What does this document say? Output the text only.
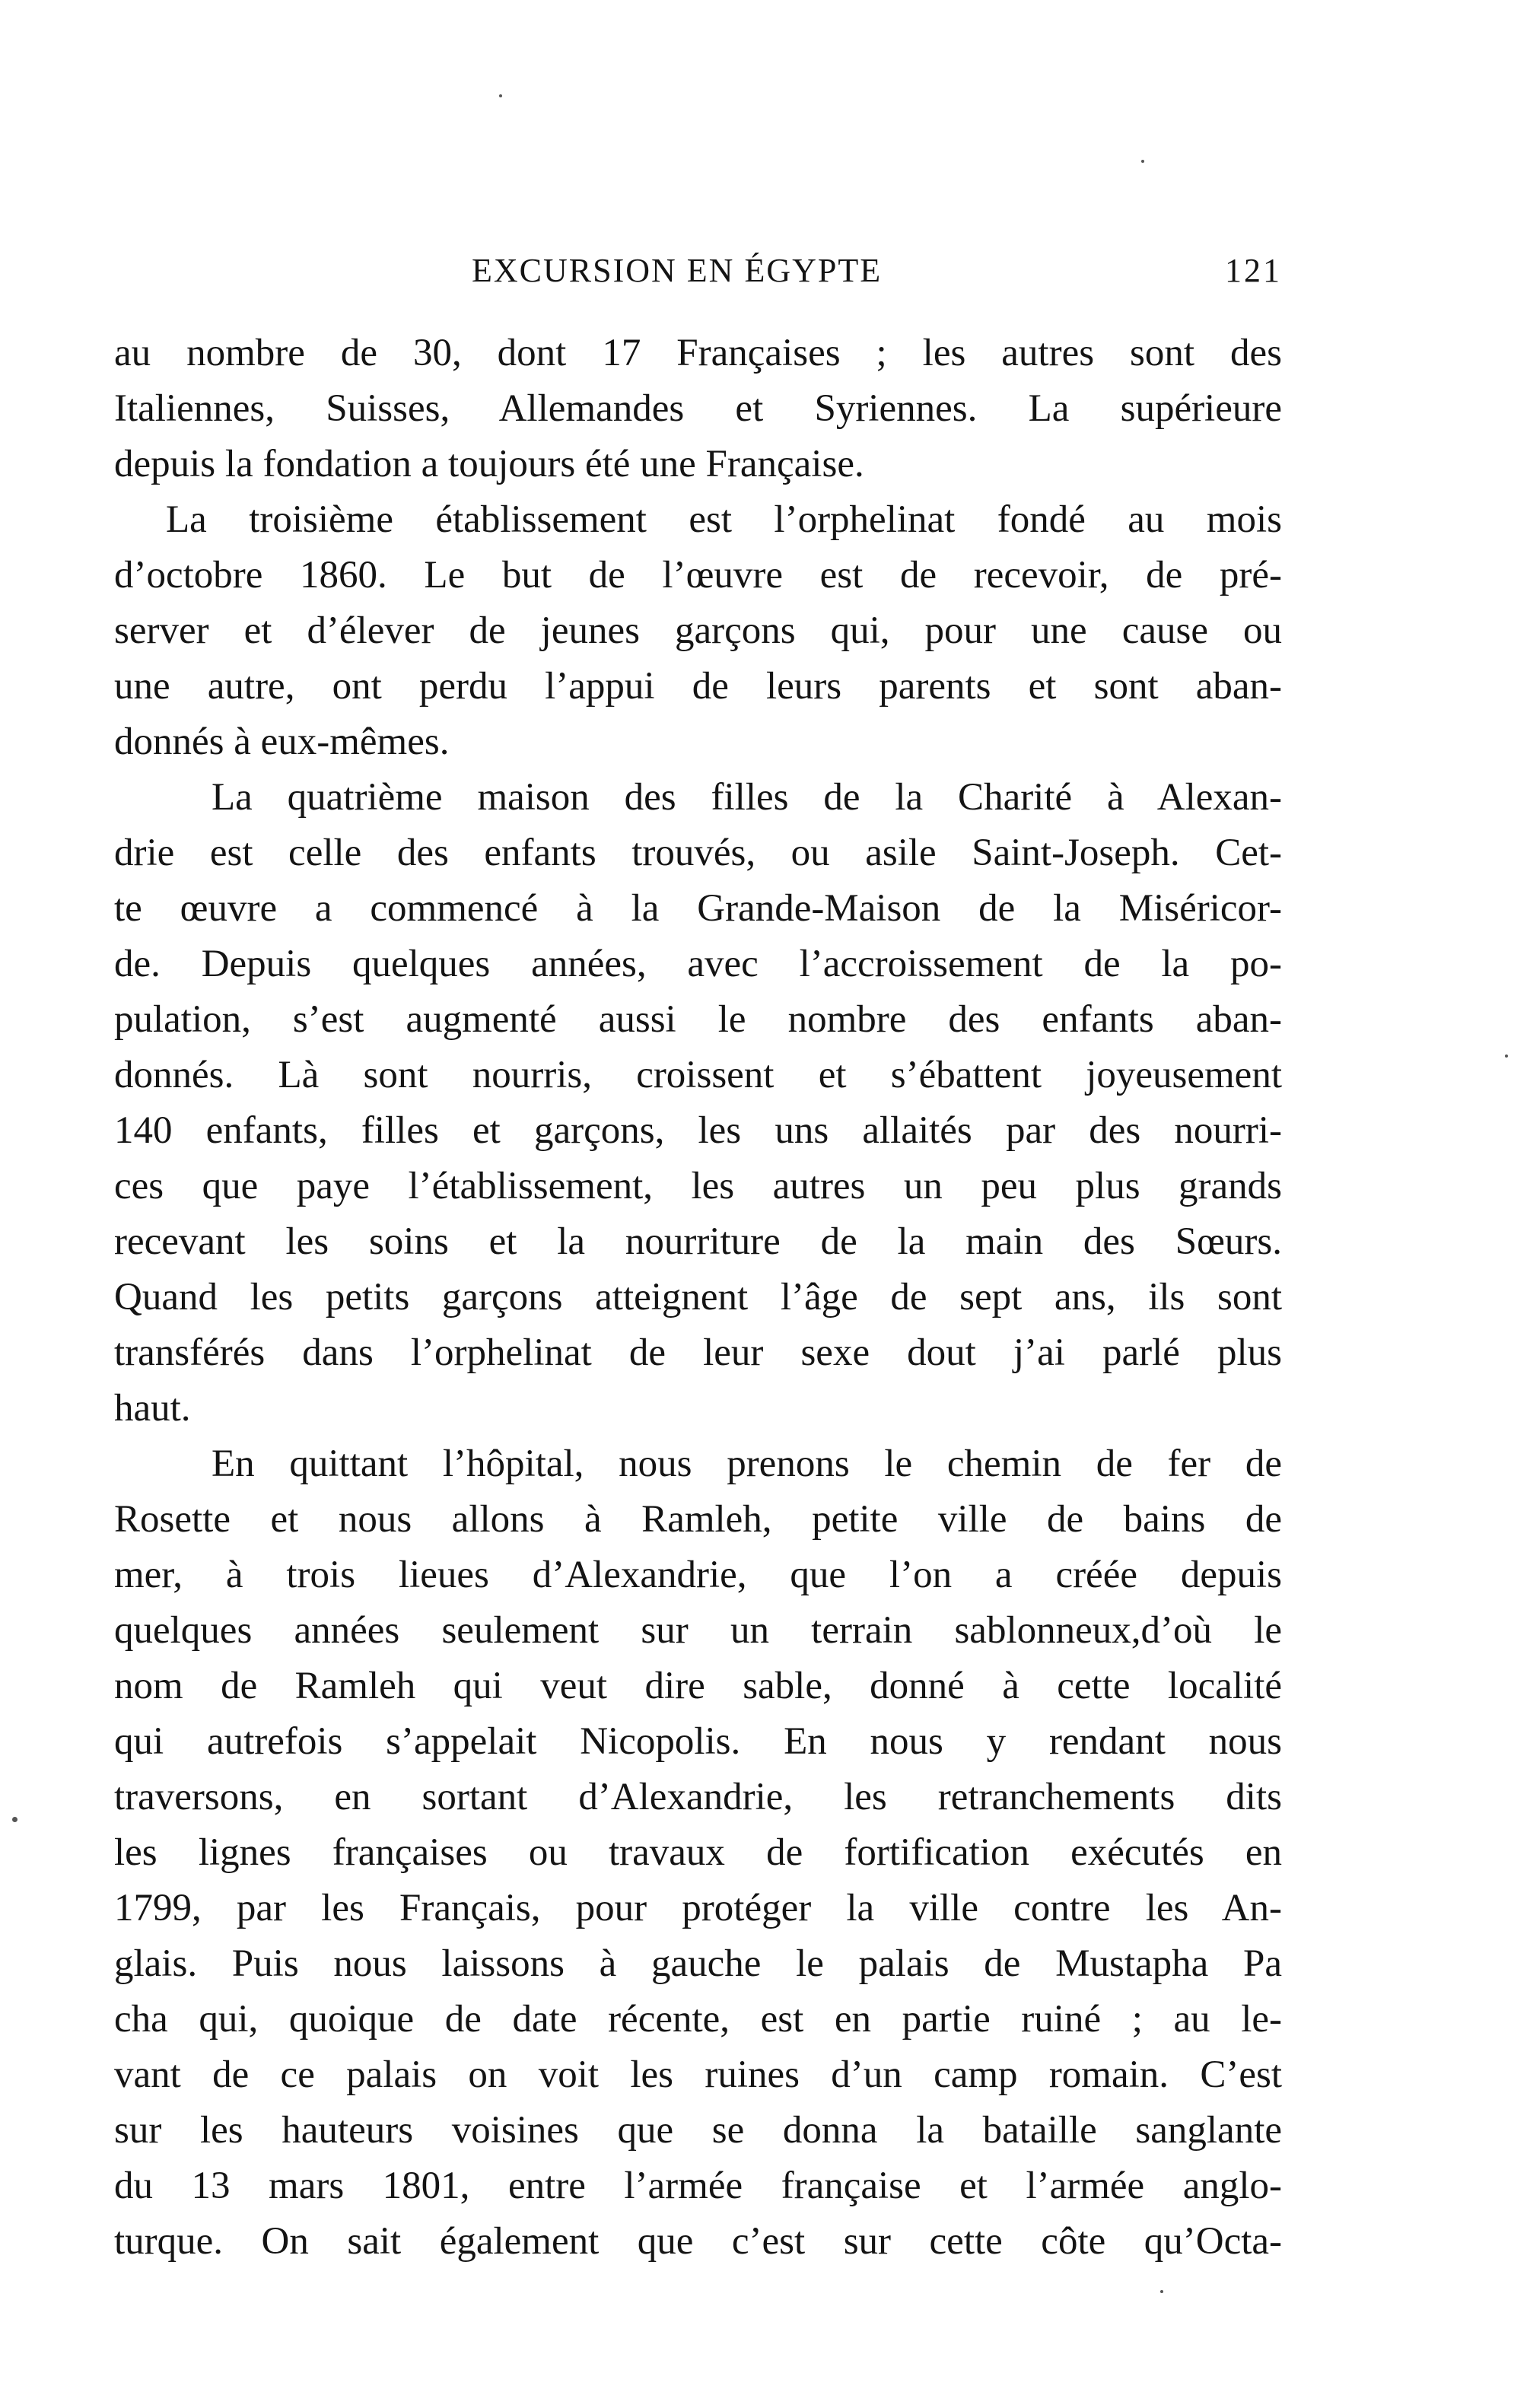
EXCURSION EN ÉGYPTE	121
au nombre de 30, dont 17 Françaises ; les autres sont des
Italiennes, Suisses, Allemandes et Syriennes. La supérieure
depuis la fondation a toujours été une Française.
La troisième établissement est l’orphelinat fondé au mois
d’octobre 1860. Le but de l’œuvre est de recevoir, de pré-
server et d’élever de jeunes garçons qui, pour une cause ou
une autre, ont perdu l’appui de leurs parents et sont aban-
donnés à eux-mêmes.
La quatrième maison des filles de la Charité à Alexan-
drie est celle des enfants trouvés, ou asile Saint-Joseph. Cet-
te œuvre a commencé à la Grande-Maison de la Miséricor-
de. Depuis quelques années, avec l’accroissement de la po-
pulation, s’est augmenté aussi le nombre des enfants aban-
donnés. Là sont nourris, croissent et s’ébattent joyeusement
140 enfants, filles et garçons, les uns allaités par des nourri-
ces que paye l’établissement, les autres un peu plus grands
recevant les soins et la nourriture de la main des Sœurs.
Quand les petits garçons atteignent l’âge de sept ans, ils sont
transférés dans l’orphelinat de leur sexe dout j’ai parlé plus
haut.
En quittant l’hôpital, nous prenons le chemin de fer de
Rosette et nous allons à Ramleh, petite ville de bains de
mer, à trois lieues d’Alexandrie, que l’on a créée depuis
quelques années seulement sur un terrain sablonneux,d’où le
nom de Ramleh qui veut dire sable, donné à cette localité
qui autrefois s’appelait Nicopolis. En nous y rendant nous
traversons, en sortant d’Alexandrie, les retranchements dits
les lignes françaises ou travaux de fortification exécutés en
1799, par les Français, pour protéger la ville contre les An-
glais. Puis nous laissons à gauche le palais de Mustapha Pa
cha qui, quoique de date récente, est en partie ruiné ; au le-
vant de ce palais on voit les ruines d’un camp romain. C’est
sur les hauteurs voisines que se donna la bataille sanglante
du 13 mars 1801, entre l’armée française et l’armée anglo-
turque. On sait également que c’est sur cette côte qu’Octa-
